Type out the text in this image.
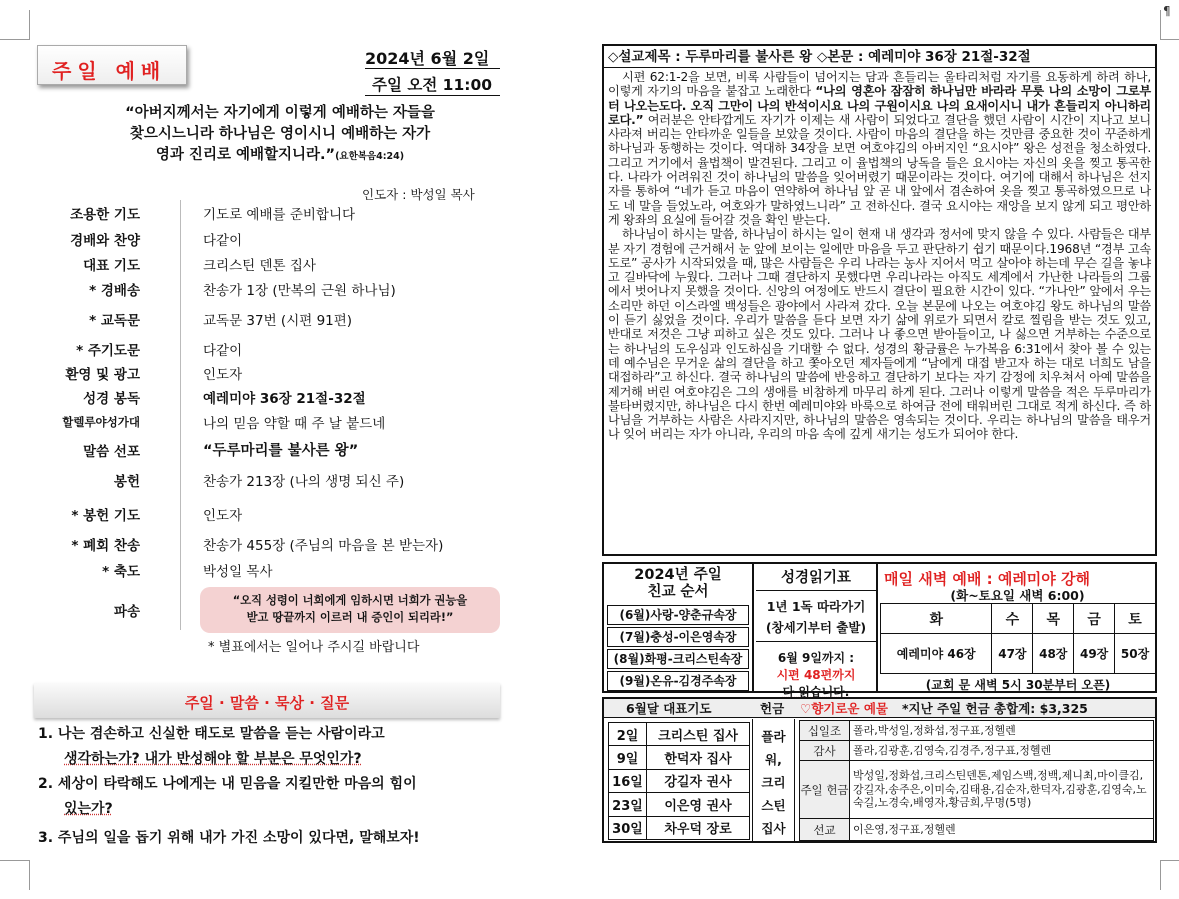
¶
주일 예배
2024년 6월 2일
주일 오전 11:00
“아버지께서는 자기에게 이렇게 예배하는 자들을
찾으시느니라 하나님은 영이시니 예배하는 자가
영과 진리로 예배할지니라.”(요한복음4:24)
인도자 : 박성일 목사
조용한 기도	기도로 예배를 준비합니다
경배와 찬양	다같이
대표 기도	크리스틴 덴톤 집사
* 경배송	찬송가 1장 (만복의 근원 하나님)
* 교독문	교독문 37번 (시편 91편)
* 주기도문	다같이
환영 및 광고	인도자
성경 봉독	예레미야 36장 21절-32절
할렐루야성가대	나의 믿음 약할 때 주 날 붙드네
말씀 선포	“두루마리를 불사른 왕”
봉헌	찬송가 213장 (나의 생명 되신 주)
* 봉헌 기도	인도자
* 폐회 찬송	찬송가 455장 (주님의 마음을 본 받는자)
* 축도	박성일 목사
파송
“오직 성령이 너희에게 임하시면 너희가 권능을
받고 땅끝까지 이르러 내 증인이 되리라!”
* 별표에서는 일어나 주시길 바랍니다
주일 · 말씀 · 묵상 · 질문
1. 나는 겸손하고 신실한 태도로 말씀을 듣는 사람이라고
생각하는가? 내가 반성해야 할 부분은 무엇인가?
2. 세상이 타락해도 나에게는 내 믿음을 지킬만한 마음의 힘이
있는가?
3. 주님의 일을 돕기 위해 내가 가진 소망이 있다면, 말해보자!
◇설교제목 : 두루마리를 불사른 왕 ◇본문 : 예레미야 36장 21절-32절
시편 62:1-2을 보면, 비록 사람들이 넘어지는 담과 흔들리는 울타리처럼 자기를 요동하게 하려 하나, 이렇게 자기의 마음을 붙잡고 노래한다 “나의 영혼아 잠잠히 하나님만 바라라 무릇 나의 소망이 그로부터 나오는도다. 오직 그만이 나의 반석이시요 나의 구원이시요 나의 요새이시니 내가 흔들리지 아니하리로다.” 여러분은 안타깝게도 자기가 이제는 새 사람이 되었다고 결단을 했던 사람이 시간이 지나고 보니 사라져 버리는 안타까운 일들을 보았을 것이다. 사람이 마음의 결단을 하는 것만큼 중요한 것이 꾸준하게 하나님과 동행하는 것이다. 역대하 34장을 보면 여호야김의 아버지인 “요시야” 왕은 성전을 청소하였다. 그리고 거기에서 율법책이 발견된다. 그리고 이 율법책의 낭독을 들은 요시야는 자신의 옷을 찢고 통곡한다. 나라가 어려워진 것이 하나님의 말씀을 잊어버렸기 때문이라는 것이다. 여기에 대해서 하나님은 선지자를 통하여 “네가 듣고 마음이 연약하여 하나님 앞 곧 내 앞에서 겸손하여 옷을 찢고 통곡하였으므로 나도 네 말을 들었노라, 여호와가 말하였느니라” 고 전하신다. 결국 요시야는 재앙을 보지 않게 되고 평안하게 왕좌의 요실에 들어갈 것을 확인 받는다.
하나님이 하시는 말씀, 하나님이 하시는 일이 현재 내 생각과 정서에 맞지 않을 수 있다. 사람들은 대부분 자기 경험에 근거해서 눈 앞에 보이는 일에만 마음을 두고 판단하기 쉽기 때문이다.1968년 “경부 고속도로” 공사가 시작되었을 때, 많은 사람들은 우리 나라는 농사 지어서 먹고 살아야 하는데 무슨 길을 놓냐고 길바닥에 누웠다. 그러나 그때 결단하지 못했다면 우리나라는 아직도 세계에서 가난한 나라들의 그룹에서 벗어나지 못했을 것이다. 신앙의 여정에도 반드시 결단이 필요한 시간이 있다. “가나안” 앞에서 우는 소리만 하던 이스라엘 백성들은 광야에서 사라져 갔다. 오늘 본문에 나오는 여호야김 왕도 하나님의 말씀이 듣기 싫었을 것이다. 우리가 말씀을 듣다 보면 자기 삶에 위로가 되면서 칼로 찔림을 받는 것도 있고, 반대로 저것은 그냥 피하고 싶은 것도 있다. 그러나 나 좋으면 받아들이고, 나 싫으면 거부하는 수준으로는 하나님의 도우심과 인도하심을 기대할 수 없다. 성경의 황금률은 누가복음 6:31에서 찾아 볼 수 있는데 예수님은 무거운 삶의 결단을 하고 쫓아오던 제자들에게 “남에게 대접 받고자 하는 대로 너희도 남을 대접하라”고 하신다. 결국 하나님의 말씀에 반응하고 결단하기 보다는 자기 감정에 치우쳐서 아예 말씀을 제거해 버린 여호야김은 그의 생애를 비참하게 마무리 하게 된다. 그러나 이렇게 말씀을 적은 두루마리가 불타버렸지만, 하나님은 다시 한번 예레미야와 바룩으로 하여금 전에 태워버린 그대로 적게 하신다. 즉 하나님을 거부하는 사람은 사라지지만, 하나님의 말씀은 영속되는 것이다. 우리는 하나님의 말씀을 태우거나 잊어 버리는 자가 아니라, 우리의 마음 속에 깊게 새기는 성도가 되어야 한다.
2024년 주일
친교 순서
(6월)사랑-양춘규속장
(7월)충성-이은영속장
(8월)화평-크리스틴속장
(9월)온유-김경주속장
성경읽기표
1년 1독 따라가기
(창세기부터 출발)
6월 9일까지 :
시편 48편까지
다 읽습니다.
매일 새벽 예배 : 예레미야 강해
(화~토요일 새벽 6:00)
화	수	목	금	토
예레미야 46장	47장	48장	49장	50장
(교회 문 새벽 5시 30분부터 오픈)
6월달 대표기도	헌금 ♡향기로운 예물 *지난 주일 헌금 총합계: $3,325
2일	크리스틴 집사
9일	한덕자 집사
16일	강길자 권사
23일	이은영 권사
30일	차우덕 장로
플라
워,
크리
스틴
집사
십일조	폴라,박성일,정화섭,정구표,정헬렌
감사	폴라,김광훈,김영숙,김경주,정구표,정헬렌
주일 헌금	박성일,정화섭,크리스틴덴톤,제임스백,정백,제니최,마이클김,강길자,송주은,이미숙,김태용,김순자,한덕자,김광훈,김영숙,노숙길,노경숙,배영자,황금희,무명(5명)
선교	이은영,정구표,정헬렌
